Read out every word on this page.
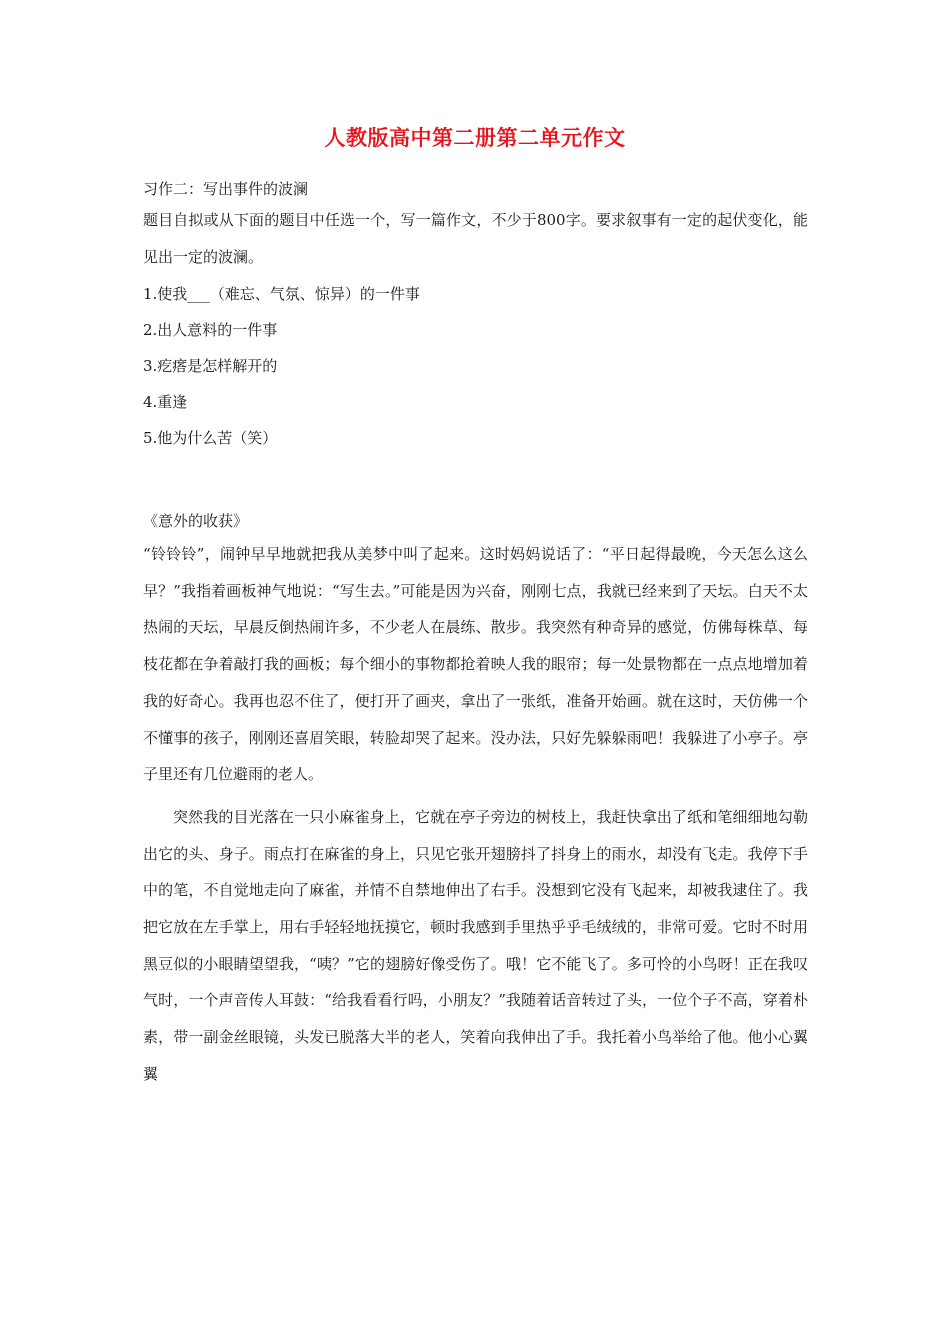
人教版高中第二册第二单元作文
习作二：写出事件的波澜
题目自拟或从下面的题目中任选一个，写一篇作文，不少于800字。要求叙事有一定的起伏变化，能见出一定的波澜。
1.使我___（难忘、气氛、惊异）的一件事
2.出人意料的一件事
3.疙瘩是怎样解开的
4.重逢
5.他为什么苦（笑）
《意外的收获》

“铃铃铃”，闹钟早早地就把我从美梦中叫了起来。这时妈妈说话了：“平日起得最晚，今天怎么这么早？”我指着画板神气地说：“写生去。”可能是因为兴奋，刚刚七点，我就已经来到了天坛。白天不太热闹的天坛，早晨反倒热闹许多，不少老人在晨练、散步。我突然有种奇异的感觉，仿佛每株草、每枝花都在争着敲打我的画板；每个细小的事物都抢着映人我的眼帘；每一处景物都在一点点地增加着我的好奇心。我再也忍不住了，便打开了画夹，拿出了一张纸，准备开始画。就在这时，天仿佛一个不懂事的孩子，刚刚还喜眉笑眼，转脸却哭了起来。没办法，只好先躲躲雨吧！我躲进了小亭子。亭子里还有几位避雨的老人。

突然我的目光落在一只小麻雀身上，它就在亭子旁边的树枝上，我赶快拿出了纸和笔细细地勾勒出它的头、身子。雨点打在麻雀的身上，只见它张开翅膀抖了抖身上的雨水，却没有飞走。我停下手中的笔，不自觉地走向了麻雀，并情不自禁地伸出了右手。没想到它没有飞起来，却被我逮住了。我把它放在左手掌上，用右手轻轻地抚摸它，顿时我感到手里热乎乎毛绒绒的，非常可爱。它时不时用黑豆似的小眼睛望望我，“咦？”它的翅膀好像受伤了。哦！它不能飞了。多可怜的小鸟呀！正在我叹气时，一个声音传人耳鼓：“给我看看行吗，小朋友？”我随着话音转过了头，一位个子不高，穿着朴素，带一副金丝眼镜，头发已脱落大半的老人，笑着向我伸出了手。我托着小鸟举给了他。他小心翼翼
